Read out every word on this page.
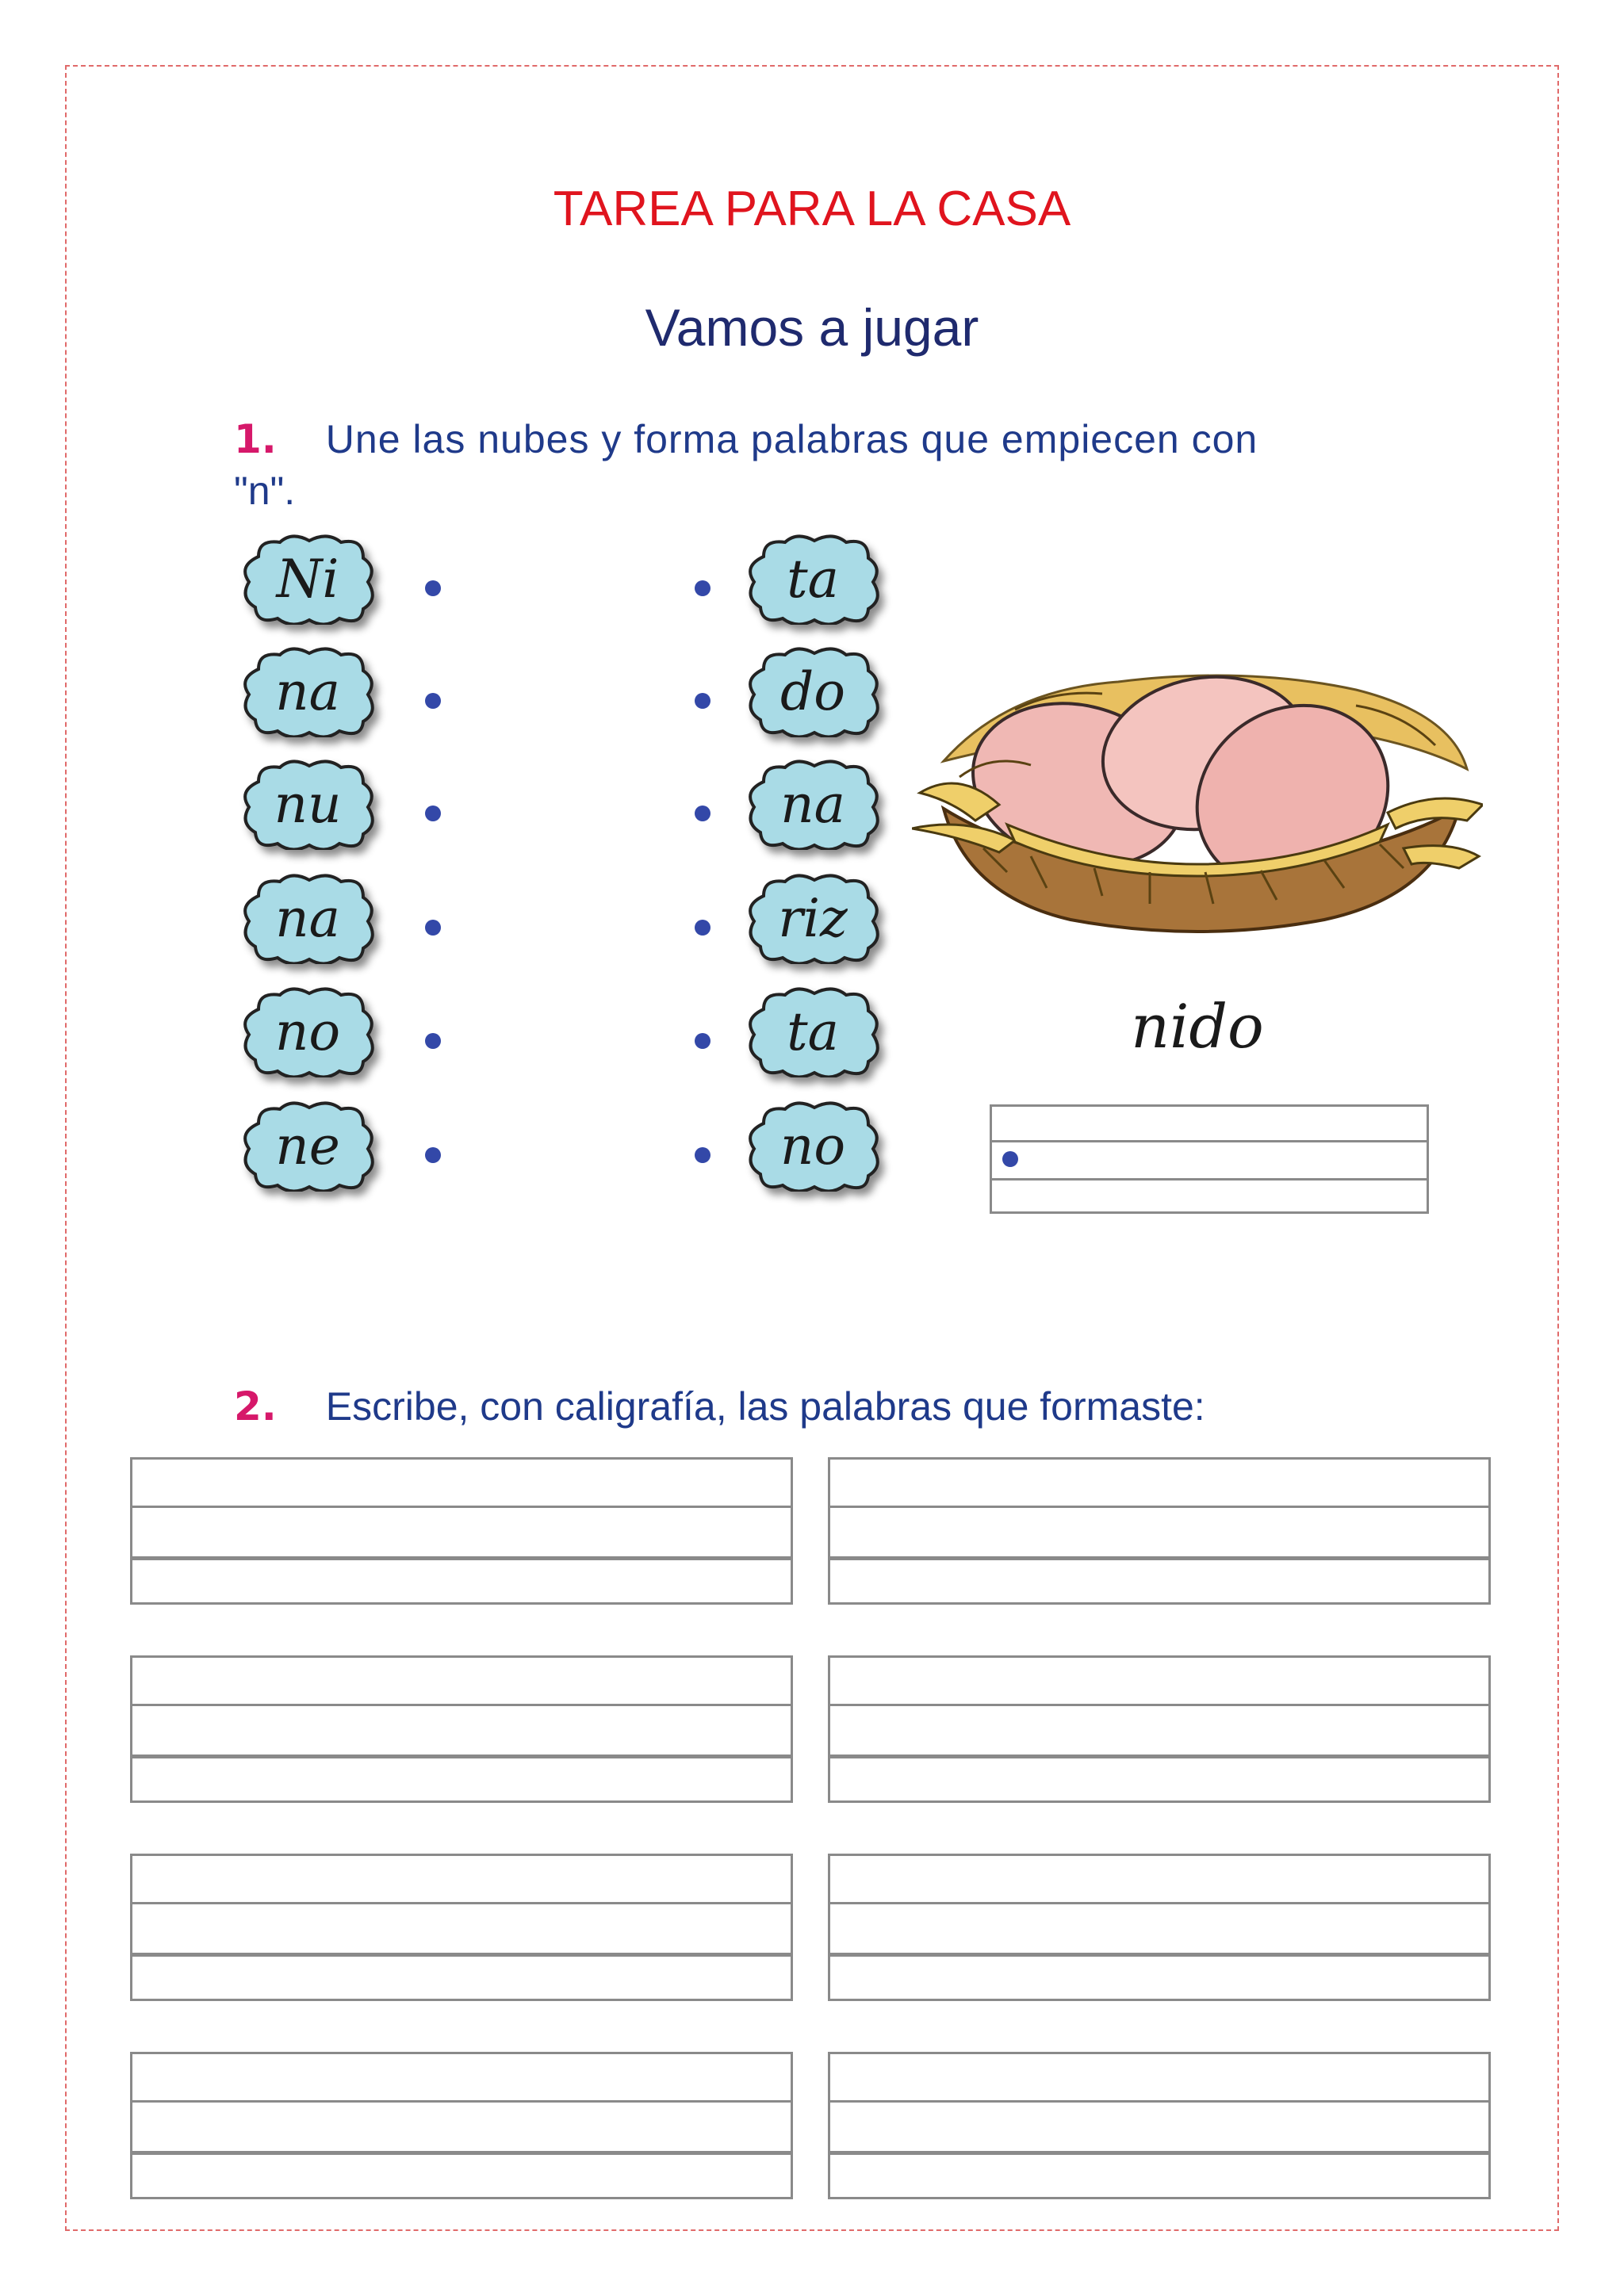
TAREA PARA LA CASA
Vamos a jugar
1. Une las nubes y forma palabras que empiecen con
"n".
Ni
na
nu
na
no
ne
ta
do
na
riz
ta
no
nido
2. Escribe, con caligrafía, las palabras que formaste:
